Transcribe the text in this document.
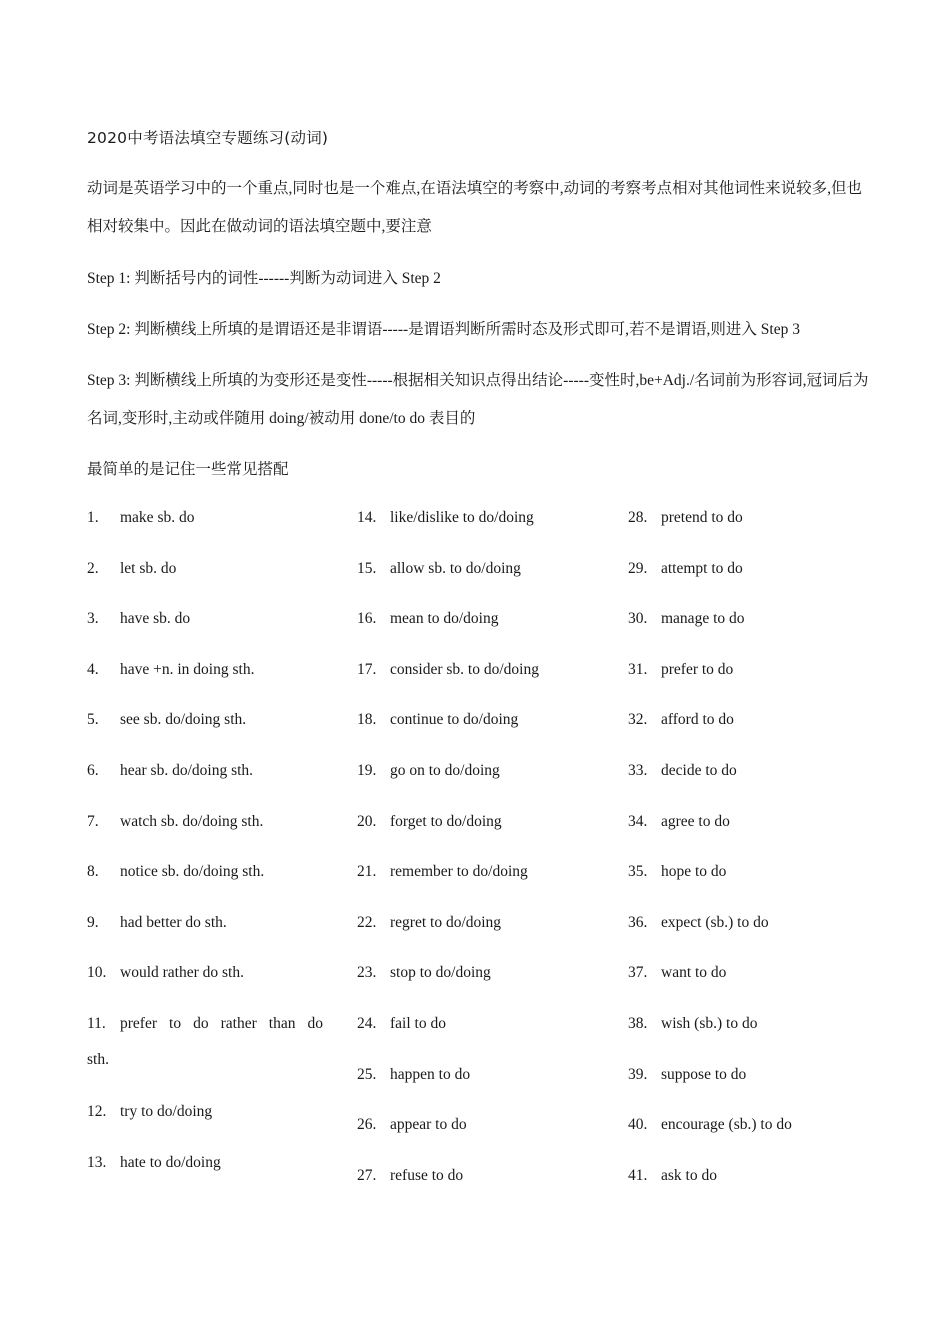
2020中考语法填空专题练习(动词)
动词是英语学习中的一个重点,同时也是一个难点,在语法填空的考察中,动词的考察考点相对其他词性来说较多,但也相对较集中。因此在做动词的语法填空题中,要注意
Step 1: 判断括号内的词性------判断为动词进入 Step 2
Step 2: 判断横线上所填的是谓语还是非谓语-----是谓语判断所需时态及形式即可,若不是谓语,则进入 Step 3
Step 3: 判断横线上所填的为变形还是变性-----根据相关知识点得出结论-----变性时,be+Adj./名词前为形容词,冠词后为名词,变形时,主动或伴随用 doing/被动用 done/to do 表目的
最简单的是记住一些常见搭配
1. make sb. do
2. let sb. do
3. have sb. do
4. have +n. in doing sth.
5. see sb. do/doing sth.
6. hear sb. do/doing sth.
7. watch sb. do/doing sth.
8. notice sb. do/doing sth.
9. had better do sth.
10. would rather do sth.
11. prefer to do rather than do
sth.
12. try to do/doing
13. hate to do/doing
14. like/dislike to do/doing
15. allow sb. to do/doing
16. mean to do/doing
17. consider sb. to do/doing
18. continue to do/doing
19. go on to do/doing
20. forget to do/doing
21. remember to do/doing
22. regret to do/doing
23. stop to do/doing
24. fail to do
25. happen to do
26. appear to do
27. refuse to do
28. pretend to do
29. attempt to do
30. manage to do
31. prefer to do
32. afford to do
33. decide to do
34. agree to do
35. hope to do
36. expect (sb.) to do
37. want to do
38. wish (sb.) to do
39. suppose to do
40. encourage (sb.) to do
41. ask to do
